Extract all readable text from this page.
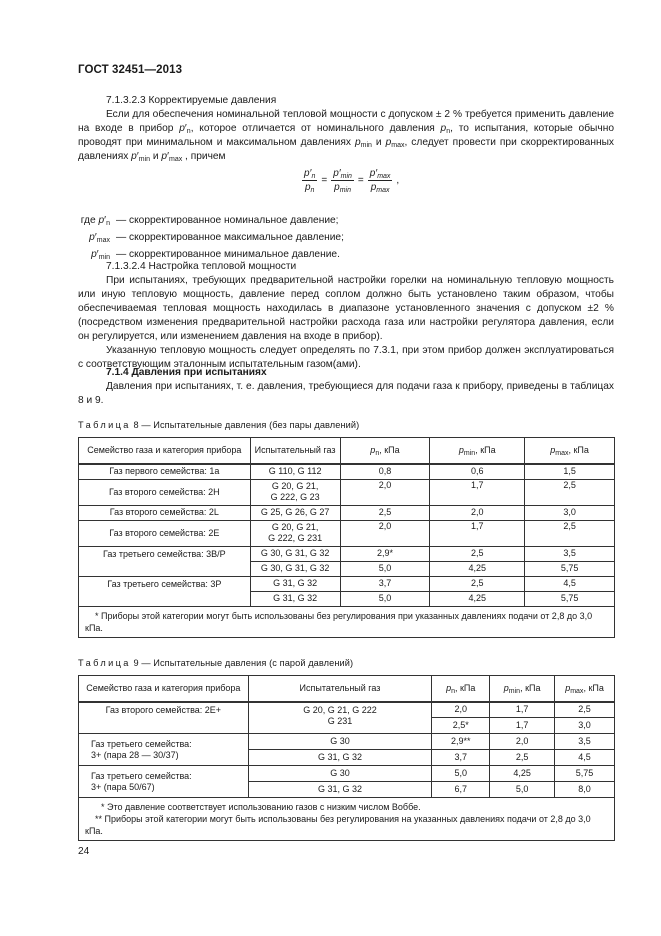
ГОСТ 32451—2013

7.1.3.2.3 Корректируемые давления

Если для обеспечения номинальной тепловой мощности с допуском ± 2 % требуется применить давление на входе в прибор $p'_n$, которое отличается от номинального давления $p_n$, то испытания, которые обычно проводят при минимальном и максимальном давлениях $p_{min}$ и $p_{max}$, следует провести при скорректированных давлениях $p'_{min}$ и $p'_{max}$ , причем

$\frac{p'_n}{p_n} = \frac{p'_{min}}{p_{min}} = \frac{p'_{max}}{p_{max}}$ ,
где $p'_n$ — скорректированное номинальное давление;
$p'_{max}$ — скорректированное максимальное давление;
$p'_{min}$ — скорректированное минимальное давление.

7.1.3.2.4 Настройка тепловой мощности

При испытаниях, требующих предварительной настройки горелки на номинальную тепловую мощность или иную тепловую мощность, давление перед соплом должно быть установлено таким образом, чтобы обеспечиваемая тепловая мощность находилась в диапазоне установленного значения с допуском ±2 % (посредством изменения предварительной настройки расхода газа или настройки регулятора давления, если он регулируется, или изменением давления на входе в прибор).

Указанную тепловую мощность следует определять по 7.3.1, при этом прибор должен эксплуатироваться с соответствующим эталонным испытательным газом(ами).

7.1.4 Давления при испытаниях

Давления при испытаниях, т. е. давления, требующиеся для подачи газа к прибору, приведены в таблицах 8 и 9.

Таблица 8 — Испытательные давления (без пары давлений)
Семейство газа и категория прибора	Испытательный газ	$p_n$, кПа	$p_{min}$, кПа	$p_{max}$, кПа
Газ первого семейства: 1а	G 110, G 112	0,8	0,6	1,5
Газ второго семейства: 2Н	G 20, G 21,
G 222, G 23	2,0	1,7	2,5
Газ второго семейства: 2L	G 25, G 26, G 27	2,5	2,0	3,0
Газ второго семейства: 2Е	G 20, G 21,
G 222, G 231	2,0	1,7	2,5
Газ третьего семейства: 3В/Р	G 30, G 31, G 32	2,9*	2,5	3,5
	G 30, G 31, G 32	5,0	4,25	5,75
Газ третьего семейства: 3Р	G 31, G 32	3,7	2,5	4,5
	G 31, G 32	5,0	4,25	5,75
* Приборы этой категории могут быть использованы без регулирования при указанных давлениях подачи от 2,8 до 3,0 кПа.				
Таблица 9 — Испытательные давления (с парой давлений)
Семейство газа и категория прибора	Испытательный газ	$p_n$, кПа	$p_{min}$, кПа	$p_{max}$, кПа
Газ второго семейства: 2Е+	G 20, G 21, G 222
G 231	2,0	1,7	2,5
		2,5*	1,7	3,0
Газ третьего семейства:
3+ (пара 28 — 30/37)	G 30	2,9**	2,0	3,5
	G 31, G 32	3,7	2,5	4,5
Газ третьего семейства:
3+ (пара 50/67)	G 30	5,0	4,25	5,75
	G 31, G 32	6,7	5,0	8,0

* Это давление соответствует использованию газов с низким числом Воббе.
** Приборы этой категории могут быть использованы без регулирования на указанных давлениях подачи от 2,8 до 3,0 кПа.				
24
